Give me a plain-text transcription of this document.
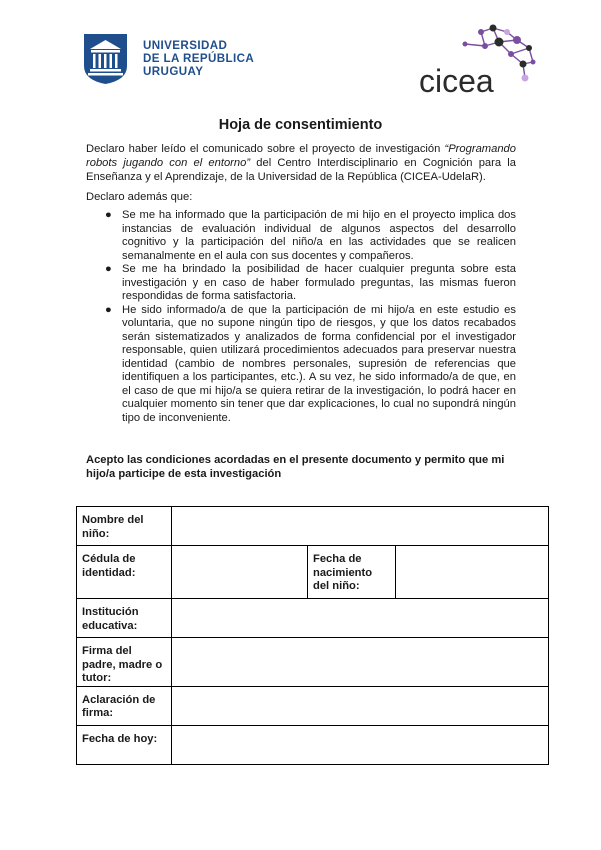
UNIVERSIDAD
DE LA REPÚBLICA
URUGUAY	cicea
Hoja de consentimiento

Declaro haber leído el comunicado sobre el proyecto de investigación “Programando robots jugando con el entorno” del Centro Interdisciplinario en Cognición para la Enseñanza y el Aprendizaje, de la Universidad de la República (CICEA-UdelaR).

Declaro además que:
● Se me ha informado que la participación de mi hijo en el proyecto implica dos instancias de evaluación individual de algunos aspectos del desarrollo cognitivo y la participación del niño/a en las actividades que se realicen semanalmente en el aula con sus docentes y compañeros.
● Se me ha brindado la posibilidad de hacer cualquier pregunta sobre esta investigación y en caso de haber formulado preguntas, las mismas fueron respondidas de forma satisfactoria.
● He sido informado/a de que la participación de mi hijo/a en este estudio es voluntaria, que no supone ningún tipo de riesgos, y que los datos recabados serán sistematizados y analizados de forma confidencial por el investigador responsable, quien utilizará procedimientos adecuados para preservar nuestra identidad (cambio de nombres personales, supresión de referencias que identifiquen a los participantes, etc.). A su vez, he sido informado/a de que, en el caso de que mi hijo/a se quiera retirar de la investigación, lo podrá hacer en cualquier momento sin tener que dar explicaciones, lo cual no supondrá ningún tipo de inconveniente.

Acepto las condiciones acordadas en el presente documento y permito que mi hijo/a participe de esta investigación

Nombre del niño:			
Cédula de identidad:		Fecha de nacimiento del niño:	
Institución educativa:			
Firma del padre, madre o tutor:			
Aclaración de firma:			
Fecha de hoy:			
